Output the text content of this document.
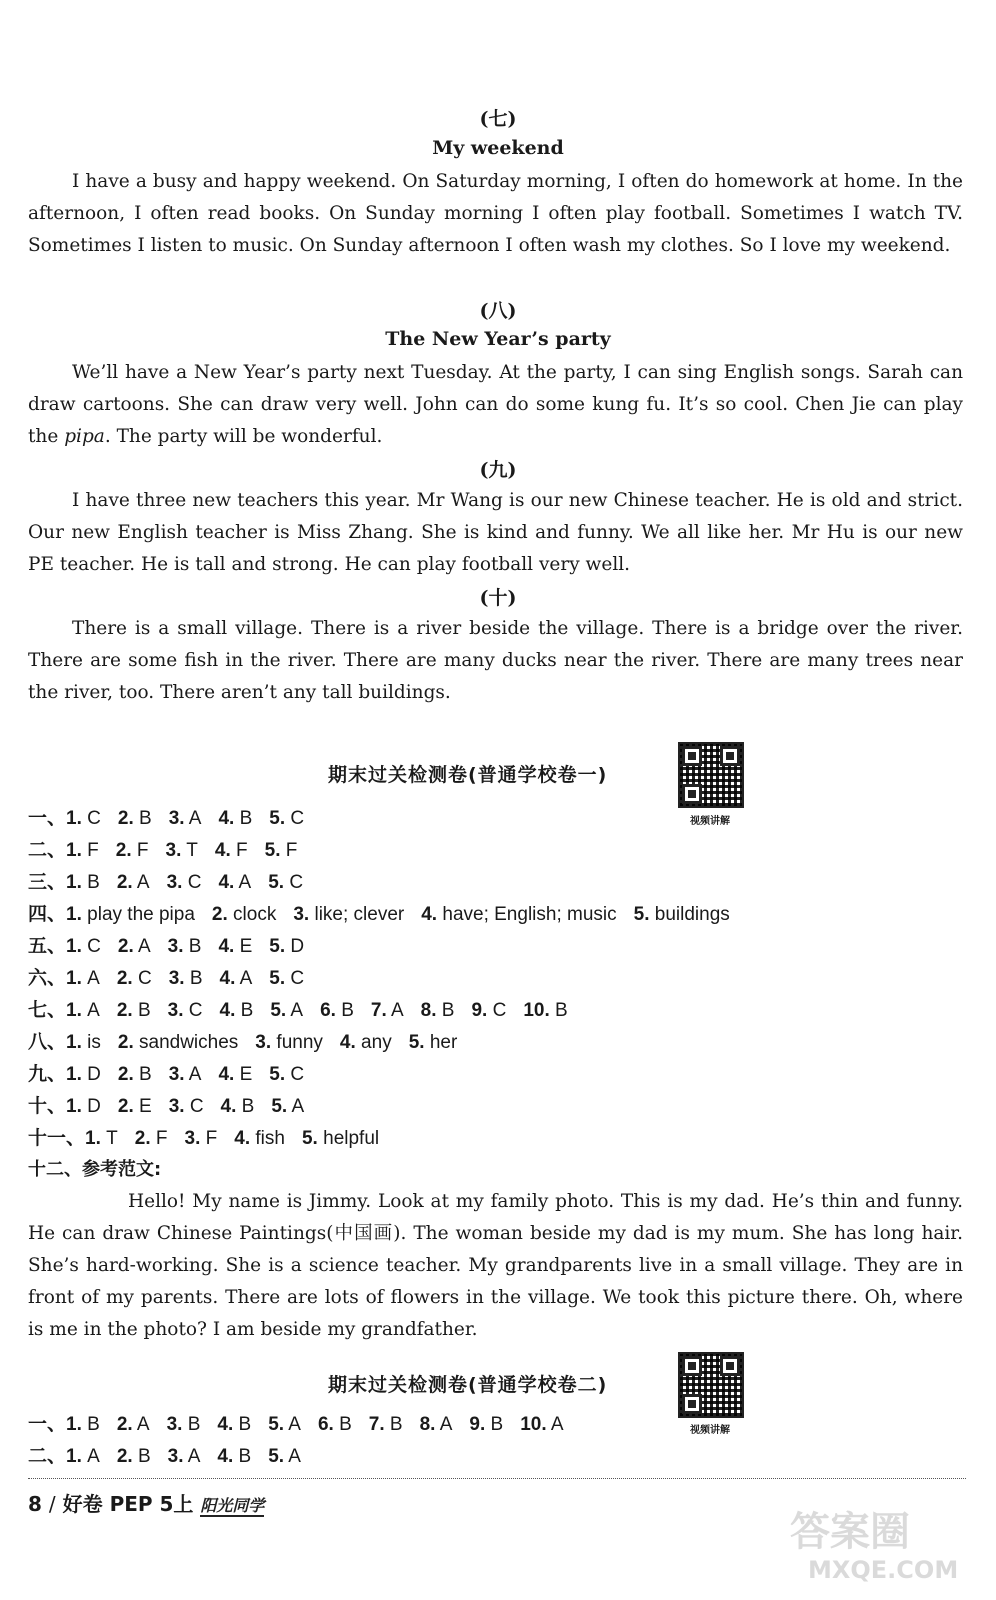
(七)
My weekend
I have a busy and happy weekend. On Saturday morning, I often do homework at home. In the afternoon, I often read books. On Sunday morning I often play football. Sometimes I watch TV. Sometimes I listen to music. On Sunday afternoon I often wash my clothes. So I love my weekend.
(八)
The New Year’s party
We’ll have a New Year’s party next Tuesday. At the party, I can sing English songs. Sarah can draw cartoons. She can draw very well. John can do some kung fu. It’s so cool. Chen Jie can play the pipa. The party will be wonderful.
(九)
I have three new teachers this year. Mr Wang is our new Chinese teacher. He is old and strict. Our new English teacher is Miss Zhang. She is kind and funny. We all like her. Mr Hu is our new PE teacher. He is tall and strong. He can play football very well.
(十)
There is a small village. There is a river beside the village. There is a bridge over the river. There are some fish in the river. There are many ducks near the river. There are many trees near the river, too. There aren’t any tall buildings.
期末过关检测卷(普通学校卷一)
视频讲解
一、1. C 2. B 3. A 4. B 5. C
二、1. F 2. F 3. T 4. F 5. F
三、1. B 2. A 3. C 4. A 5. C
四、1. play the pipa 2. clock 3. like; clever 4. have; English; music 5. buildings
五、1. C 2. A 3. B 4. E 5. D
六、1. A 2. C 3. B 4. A 5. C
七、1. A 2. B 3. C 4. B 5. A 6. B 7. A 8. B 9. C 10. B
八、1. is 2. sandwiches 3. funny 4. any 5. her
九、1. D 2. B 3. A 4. E 5. C
十、1. D 2. E 3. C 4. B 5. A
十一、1. T 2. F 3. F 4. fish 5. helpful
十二、参考范文:
Hello! My name is Jimmy. Look at my family photo. This is my dad. He’s thin and funny. He can draw Chinese Paintings(中国画). The woman beside my dad is my mum. She has long hair. She’s hard-working. She is a science teacher. My grandparents live in a small village. They are in front of my parents. There are lots of flowers in the village. We took this picture there. Oh, where is me in the photo? I am beside my grandfather.
期末过关检测卷(普通学校卷二)
视频讲解
一、1. B 2. A 3. B 4. B 5. A 6. B 7. B 8. A 9. B 10. A
二、1. A 2. B 3. A 4. B 5. A
8 / 好卷 PEP 5上 阳光同学
答案圈
MXQE.COM
